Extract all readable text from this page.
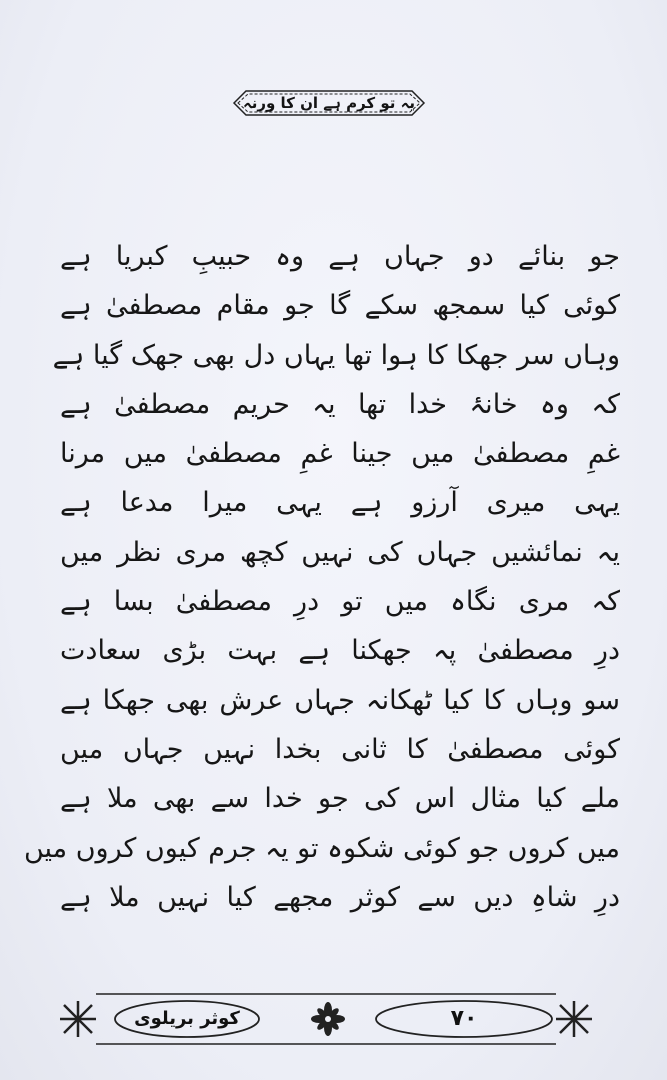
یہ تو کرم ہے ان کا ورنہ
جو بنائے دو جہاں ہے وہ حبیبِ کبریا ہے
کوئی کیا سمجھ سکے گا جو مقام مصطفیٰ ہے
وہاں سر جھکا کا ہوا تھا یہاں دل بھی جھک گیا ہے
کہ وہ خانۂ خدا تھا یہ حریم مصطفیٰ ہے
غمِ مصطفیٰ میں جینا غمِ مصطفیٰ میں مرنا
یہی میری آرزو ہے یہی میرا مدعا ہے
یہ نمائشیں جہاں کی نہیں کچھ مری نظر میں
کہ مری نگاہ میں تو درِ مصطفیٰ بسا ہے
درِ مصطفیٰ پہ جھکنا ہے بہت بڑی سعادت
سو وہاں کا کیا ٹھکانہ جہاں عرش بھی جھکا ہے
کوئی مصطفیٰ کا ثانی بخدا نہیں جہاں میں
ملے کیا مثال اس کی جو خدا سے بھی ملا ہے
میں کروں جو کوئی شکوہ تو یہ جرم کیوں کروں میں
درِ شاہِ دیں سے کوثر مجھے کیا نہیں ملا ہے
کوثر بریلوی	۷۰
